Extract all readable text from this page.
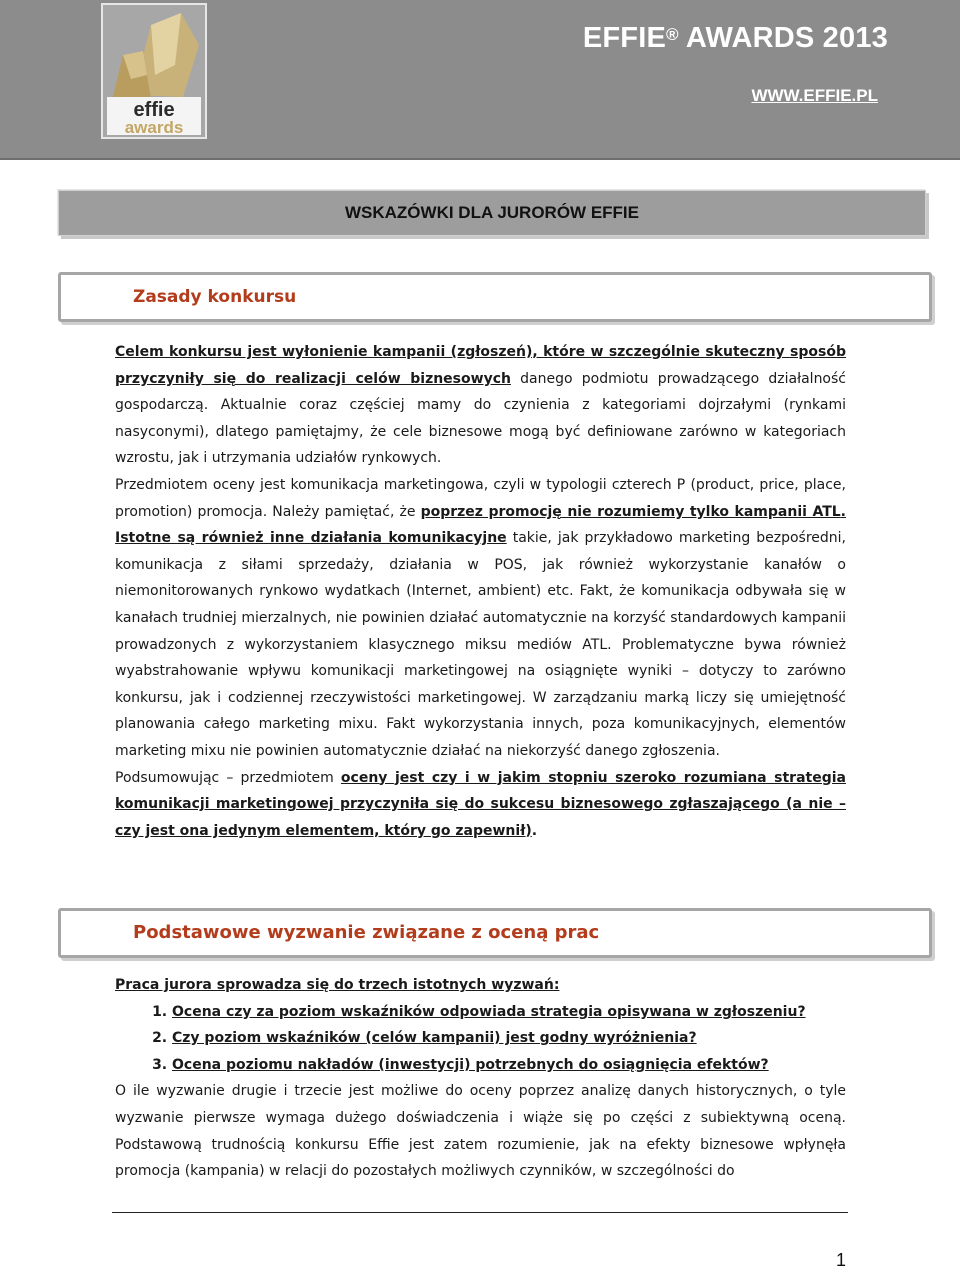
effie
awards
EFFIE® AWARDS 2013
WWW.EFFIE.PL
WSKAZÓWKI DLA JURORÓW EFFIE
Zasady konkursu

Celem konkursu jest wyłonienie kampanii (zgłoszeń), które w szczególnie skuteczny sposób przyczyniły się do realizacji celów biznesowych danego podmiotu prowadzącego działalność gospodarczą. Aktualnie coraz częściej mamy do czynienia z kategoriami dojrzałymi (rynkami nasyconymi), dlatego pamiętajmy, że cele biznesowe mogą być definiowane zarówno w kategoriach wzrostu, jak i utrzymania udziałów rynkowych.

Przedmiotem oceny jest komunikacja marketingowa, czyli w typologii czterech P (product, price, place, promotion) promocja. Należy pamiętać, że poprzez promocję nie rozumiemy tylko kampanii ATL. Istotne są również inne działania komunikacyjne takie, jak przykładowo marketing bezpośredni, komunikacja z siłami sprzedaży, działania w POS, jak również wykorzystanie kanałów o niemonitorowanych rynkowo wydatkach (Internet, ambient) etc. Fakt, że komunikacja odbywała się w kanałach trudniej mierzalnych, nie powinien działać automatycznie na korzyść standardowych kampanii prowadzonych z wykorzystaniem klasycznego miksu mediów ATL. Problematyczne bywa również wyabstrahowanie wpływu komunikacji marketingowej na osiągnięte wyniki – dotyczy to zarówno konkursu, jak i codziennej rzeczywistości marketingowej. W zarządzaniu marką liczy się umiejętność planowania całego marketing mixu. Fakt wykorzystania innych, poza komunikacyjnych, elementów marketing mixu nie powinien automatycznie działać na niekorzyść danego zgłoszenia.

Podsumowując – przedmiotem oceny jest czy i w jakim stopniu szeroko rozumiana strategia komunikacji marketingowej przyczyniła się do sukcesu biznesowego zgłaszającego (a nie – czy jest ona jedynym elementem, który go zapewnił).

Podstawowe wyzwanie związane z oceną prac

Praca jurora sprowadza się do trzech istotnych wyzwań:

1. Ocena czy za poziom wskaźników odpowiada strategia opisywana w zgłoszeniu?
2. Czy poziom wskaźników (celów kampanii) jest godny wyróżnienia?
3. Ocena poziomu nakładów (inwestycji) potrzebnych do osiągnięcia efektów?

O ile wyzwanie drugie i trzecie jest możliwe do oceny poprzez analizę danych historycznych, o tyle wyzwanie pierwsze wymaga dużego doświadczenia i wiąże się po części z subiektywną oceną. Podstawową trudnością konkursu Effie jest zatem rozumienie, jak na efekty biznesowe wpłynęła promocja (kampania) w relacji do pozostałych możliwych czynników, w szczególności do

1
